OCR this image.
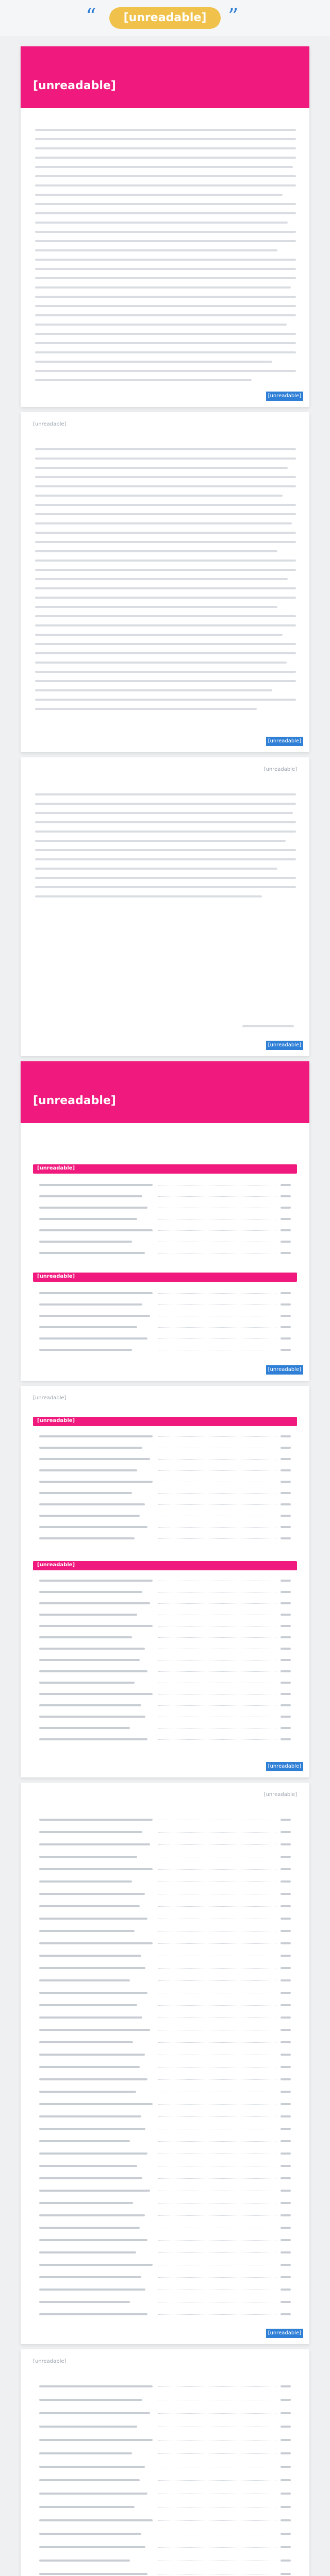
“	[unreadable]	”
[unreadable]
[unreadable]
[unreadable]
[unreadable]
[unreadable]
[unreadable]
[unreadable]
[unreadable]
[unreadable]
[unreadable]
[unreadable]
[unreadable]
[unreadable]
[unreadable]
[unreadable]
[unreadable]
[unreadable]
